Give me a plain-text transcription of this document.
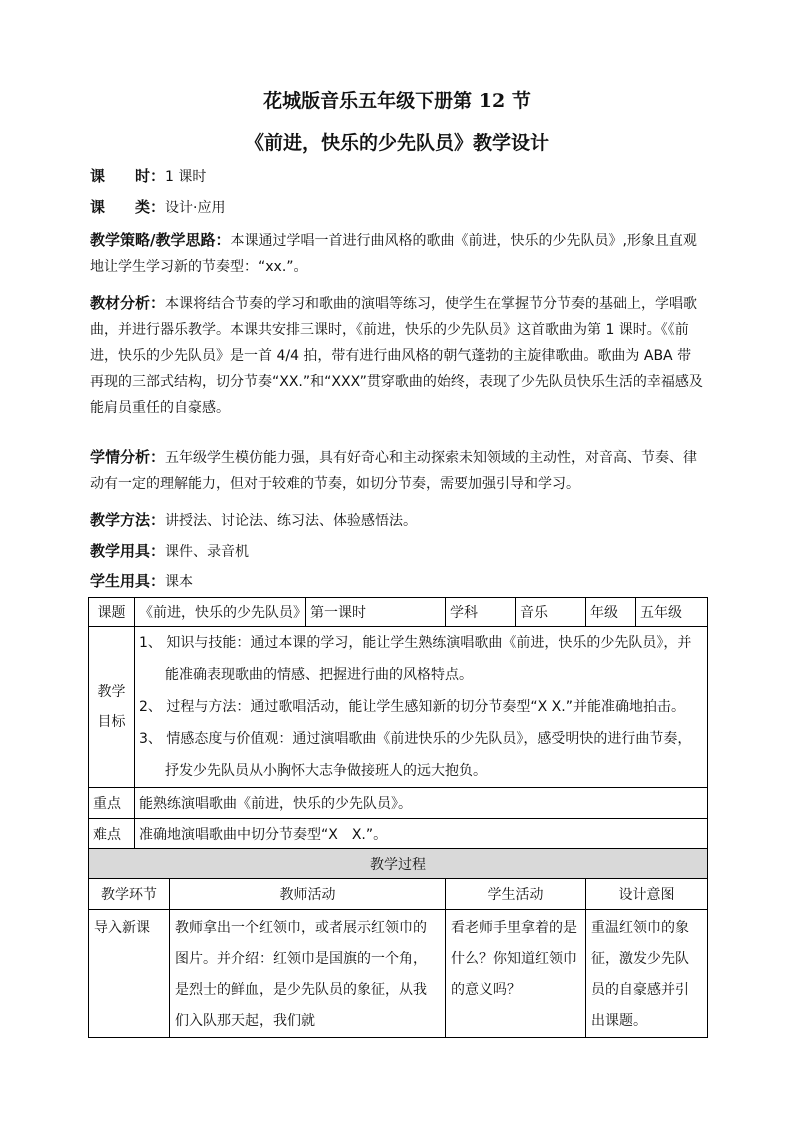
花城版音乐五年级下册第 12 节
《前进，快乐的少先队员》教学设计
课　　时：1 课时
课　　类：设计·应用
教学策略/教学思路：本课通过学唱一首进行曲风格的歌曲《前进，快乐的少先队员》,形象且直观地让学生学习新的节奏型：“xx.”。
教材分析：本课将结合节奏的学习和歌曲的演唱等练习，使学生在掌握节分节奏的基础上，学唱歌曲，并进行器乐教学。本课共安排三课时，《前进，快乐的少先队员》这首歌曲为第 1 课时。《《前进，快乐的少先队员》是一首 4/4 拍，带有进行曲风格的朝气蓬勃的主旋律歌曲。歌曲为 ABA 带再现的三部式结构，切分节奏“XX.”和“XXX”贯穿歌曲的始终，表现了少先队员快乐生活的幸福感及能肩员重任的自豪感。
学情分析：五年级学生模仿能力强，具有好奇心和主动探索未知领域的主动性，对音高、节奏、律动有一定的理解能力，但对于较难的节奏，如切分节奏，需要加强引导和学习。
教学方法：讲授法、讨论法、练习法、体验感悟法。
教学用具：课件、录音机
学生用具：课本
课题	《前进，快乐的少先队员》		第一课时	学科	音乐	年级	五年级
教学目标	1、 知识与技能：通过本课的学习，能让学生熟练演唱歌曲《前进，快乐的少先队员》，并

能准确表现歌曲的情感、把握进行曲的风格特点。

2、 过程与方法：通过歌唱活动，能让学生感知新的切分节奏型“X X.”并能准确地拍击。

3、 情感态度与价值观：通过演唱歌曲《前进快乐的少先队员》，感受明快的进行曲节奏，

抒发少先队员从小胸怀大志争做接班人的远大抱负。						

重点	能熟练演唱歌曲《前进，快乐的少先队员》。						
难点	准确地演唱歌曲中切分节奏型“X　X.”。						
教学过程							
教学环节		教师活动		学生活动		设计意图	
导入新课		教师拿出一个红领巾，或者展示红领巾的图片。并介绍：红领巾是国旗的一个角，是烈士的鲜血，是少先队员的象征，从我们入队那天起，我们就		看老师手里拿着的是什么？你知道红领巾的意义吗？		重温红领巾的象征，激发少先队员的自豪感并引出课题。	
